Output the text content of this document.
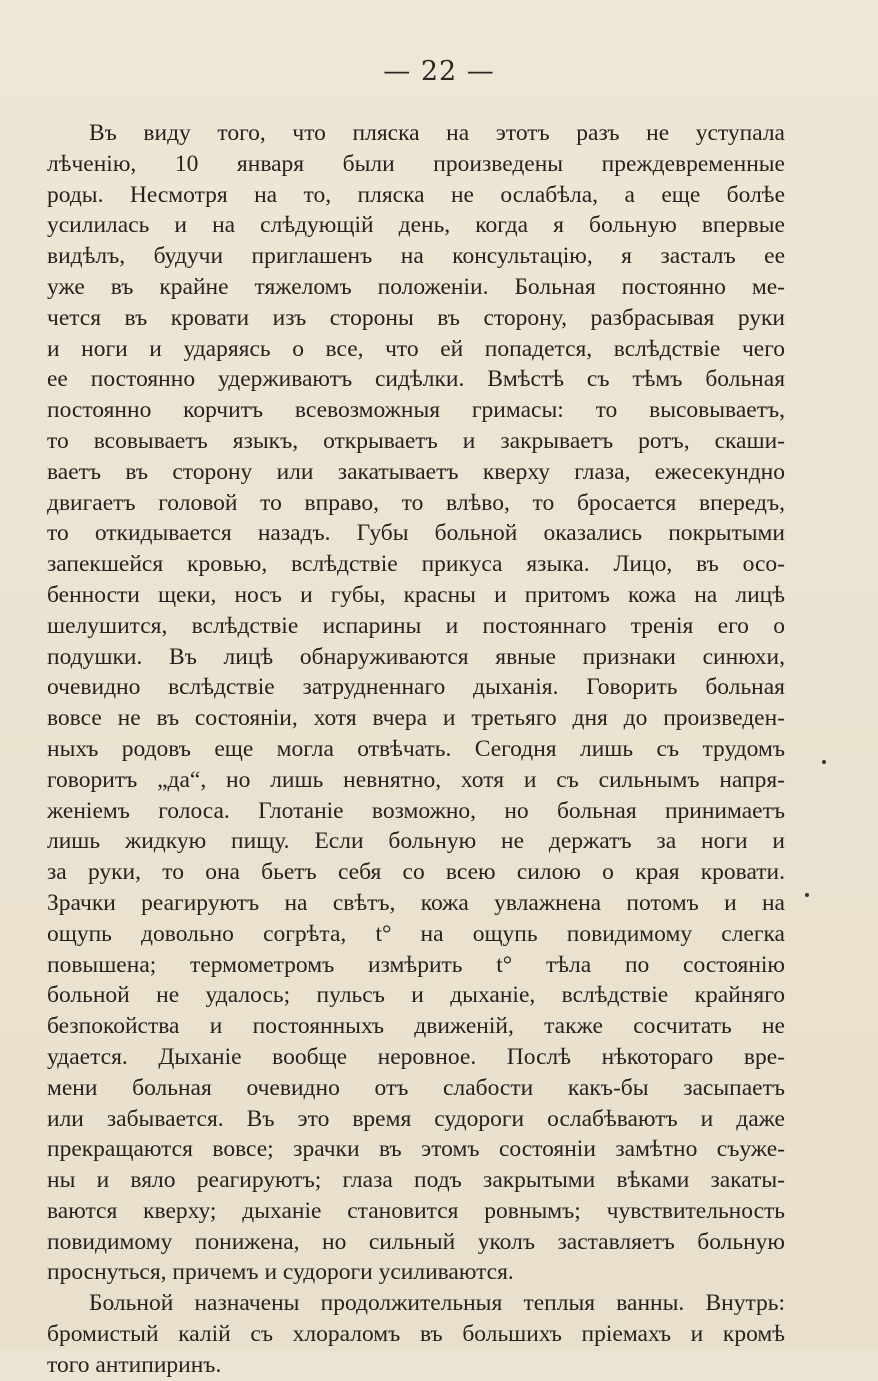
— 22 —
Въ виду того, что пляска на этотъ разъ не уступала
лѣченію, 10 января были произведены преждевременные
роды. Несмотря на то, пляска не ослабѣла, а еще болѣе
усилилась и на слѣдующій день, когда я больную впервые
видѣлъ, будучи приглашенъ на консультацію, я засталъ ее
уже въ крайне тяжеломъ положеніи. Больная постоянно ме-
чется въ кровати изъ стороны въ сторону, разбрасывая руки
и ноги и ударяясь о все, что ей попадется, вслѣдствіе чего
ее постоянно удерживаютъ сидѣлки. Вмѣстѣ съ тѣмъ больная
постоянно корчитъ всевозможныя гримасы: то высовываетъ,
то всовываетъ языкъ, открываетъ и закрываетъ ротъ, скаши-
ваетъ въ сторону или закатываетъ кверху глаза, ежесекундно
двигаетъ головой то вправо, то влѣво, то бросается впередъ,
то откидывается назадъ. Губы больной оказались покрытыми
запекшейся кровью, вслѣдствіе прикуса языка. Лицо, въ осо-
бенности щеки, носъ и губы, красны и притомъ кожа на лицѣ
шелушится, вслѣдствіе испарины и постояннаго тренія его о
подушки. Въ лицѣ обнаруживаются явные признаки синюхи,
очевидно вслѣдствіе затрудненнаго дыханія. Говорить больная
вовсе не въ состояніи, хотя вчера и третьяго дня до произведен-
ныхъ родовъ еще могла отвѣчать. Сегодня лишь съ трудомъ
говоритъ „да“, но лишь невнятно, хотя и съ сильнымъ напря-
женіемъ голоса. Глотаніе возможно, но больная принимаетъ
лишь жидкую пищу. Если больную не держатъ за ноги и
за руки, то она бьетъ себя со всею силою о края кровати.
Зрачки реагируютъ на свѣтъ, кожа увлажнена потомъ и на
ощупь довольно согрѣта, t° на ощупь повидимому слегка
повышена; термометромъ измѣрить t° тѣла по состоянію
больной не удалось; пульсъ и дыханіе, вслѣдствіе крайняго
безпокойства и постоянныхъ движеній, также сосчитать не
удается. Дыханіе вообще неровное. Послѣ нѣкотораго вре-
мени больная очевидно отъ слабости какъ-бы засыпаетъ
или забывается. Въ это время судороги ослабѣваютъ и даже
прекращаются вовсе; зрачки въ этомъ состояніи замѣтно съуже-
ны и вяло реагируютъ; глаза подъ закрытыми вѣками закаты-
ваются кверху; дыханіе становится ровнымъ; чувствительность
повидимому понижена, но сильный уколъ заставляетъ больную
проснуться, причемъ и судороги усиливаются.
Больной назначены продолжительныя теплыя ванны. Внутрь:
бромистый калій съ хлораломъ въ большихъ пріемахъ и кромѣ
того антипиринъ.
